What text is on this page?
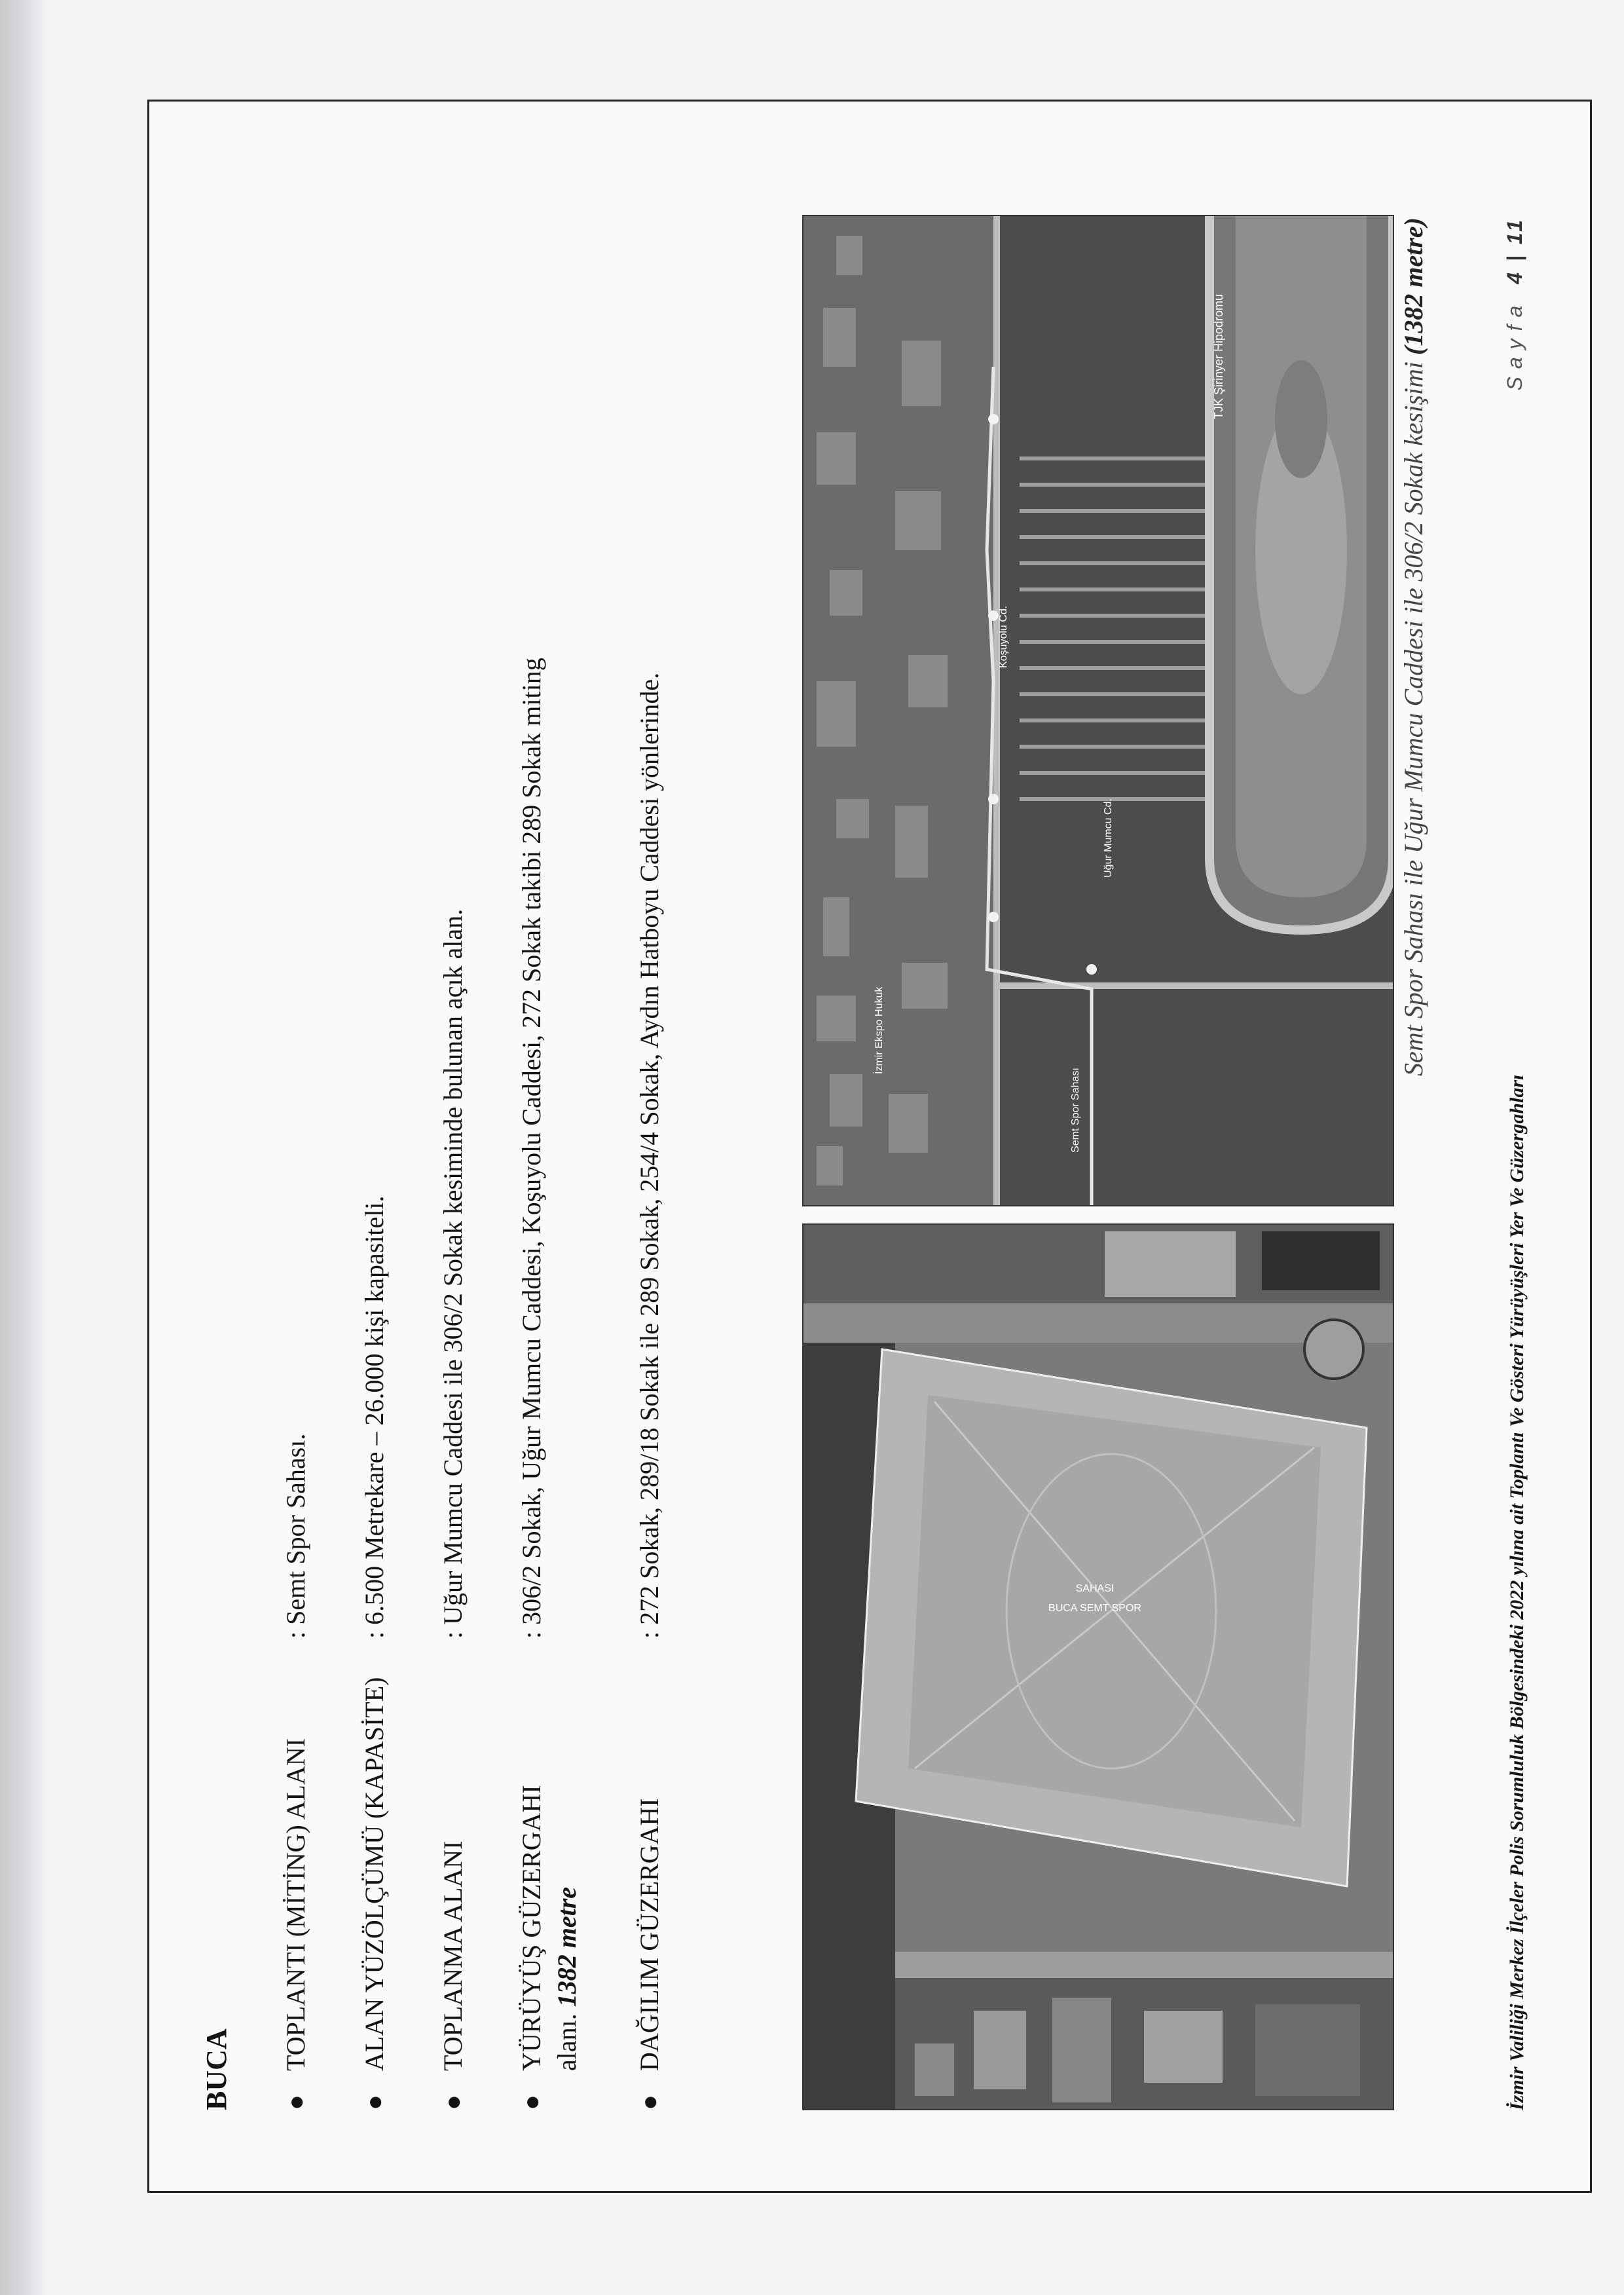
BUCA ●
TOPLANTI (MİTİNG) ALANI
: Semt Spor Sahası.
●
ALAN YÜZÖLÇÜMÜ (KAPASİTE)
: 6.500 Metrekare – 26.000 kişi kapasiteli.
●
TOPLANMA ALANI
: Uğur Mumcu Caddesi ile 306/2 Sokak kesiminde bulunan açık alan.
●
YÜRÜYÜŞ GÜZERGAHI
: 306/2 Sokak, Uğur Mumcu Caddesi, Koşuyolu Caddesi, 272 Sokak takibi 289 Sokak miting
alanı. 1382 metre
●
DAĞILIM GÜZERGAHI
: 272 Sokak, 289/18 Sokak ile 289 Sokak, 254/4 Sokak, Aydın Hatboyu Caddesi yönlerinde.	BUCA SEMT SPOR
SAHASI
TJK Şirinyer Hipodromu
Koşuyolu Cd.
Uğur Mumcu Cd.
İzmir Ekspo Hukuk
Semt Spor Sahası
Semt Spor Sahası ile Uğur Mumcu Caddesi ile 306/2 Sokak kesişimi (1382 metre)
İzmir Valiliği Merkez İlçeler Polis Sorumluluk Bölgesindeki 2022 yılına ait Toplantı Ve Gösteri Yürüyüşleri Yer Ve Güzergahları
Sayfa 4 | 11
